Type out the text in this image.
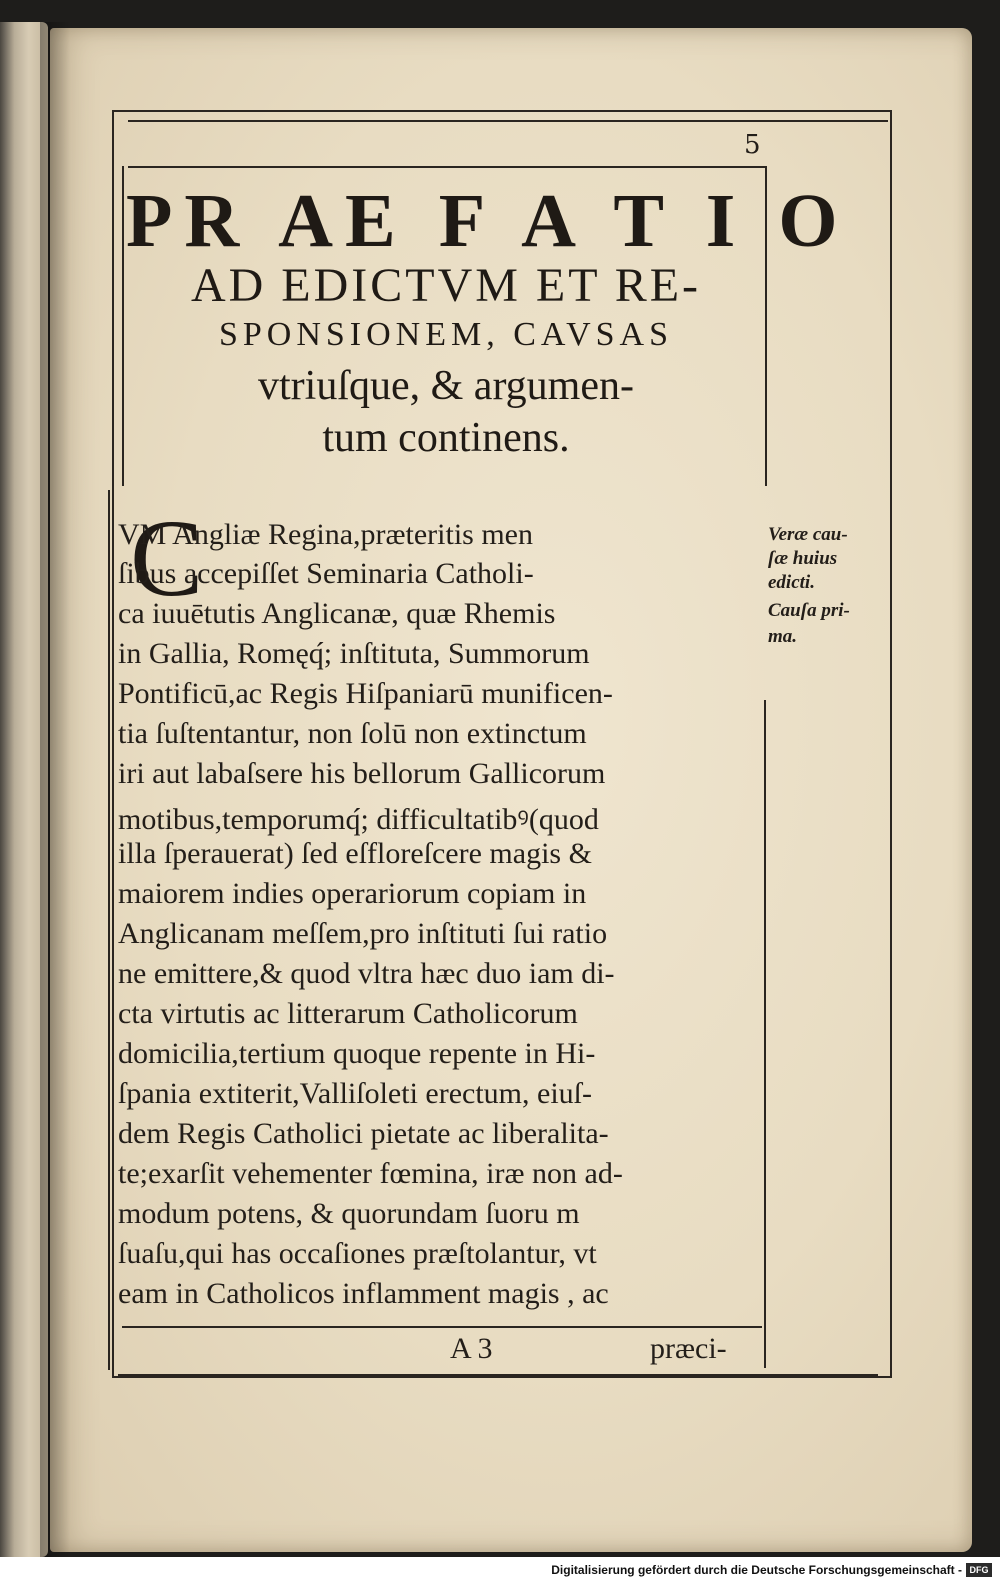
5
PR AE F A T I O
AD EDICTVM ET RE-
SPONSIONEM, CAVSAS
vtriuſque, & argumen-
tum continens.
C
VM Angliæ Regina,præteritis men
ſibus accepiſſet Seminaria Catholi-
ca iuuētutis Anglicanæ, quæ Rhemis
in Gallia, Romęq́; inſtituta, Summorum
Pontificū,ac Regis Hiſpaniarū munificen-
tia ſuſtentantur, non ſolū non extinctum
iri aut labaſsere his bellorum Gallicorum
motibus,temporumq́; difficultatibꝰ(quod
illa ſperauerat) ſed eſfloreſcere magis &
maiorem indies operariorum copiam in
Anglicanam meſſem,pro inſtituti ſui ratio
ne emittere,& quod vltra hæc duo iam di-
cta virtutis ac litterarum Catholicorum
domicilia,tertium quoque repente in Hi-
ſpania extiterit,Valliſoleti erectum, eiuſ-
dem Regis Catholici pietate ac liberalita-
te;exarſit vehementer fœmina, iræ non ad-
modum potens, & quorundam ſuoru m
ſuaſu,qui has occaſiones præſtolantur, vt
eam in Catholicos inflamment magis , ac
Veræ cau-
ſæ huius
edicti.
Cauſa pri-
ma.
A 3	præci-
Digitalisierung gefördert durch die Deutsche Forschungsgemeinschaft - DFG
